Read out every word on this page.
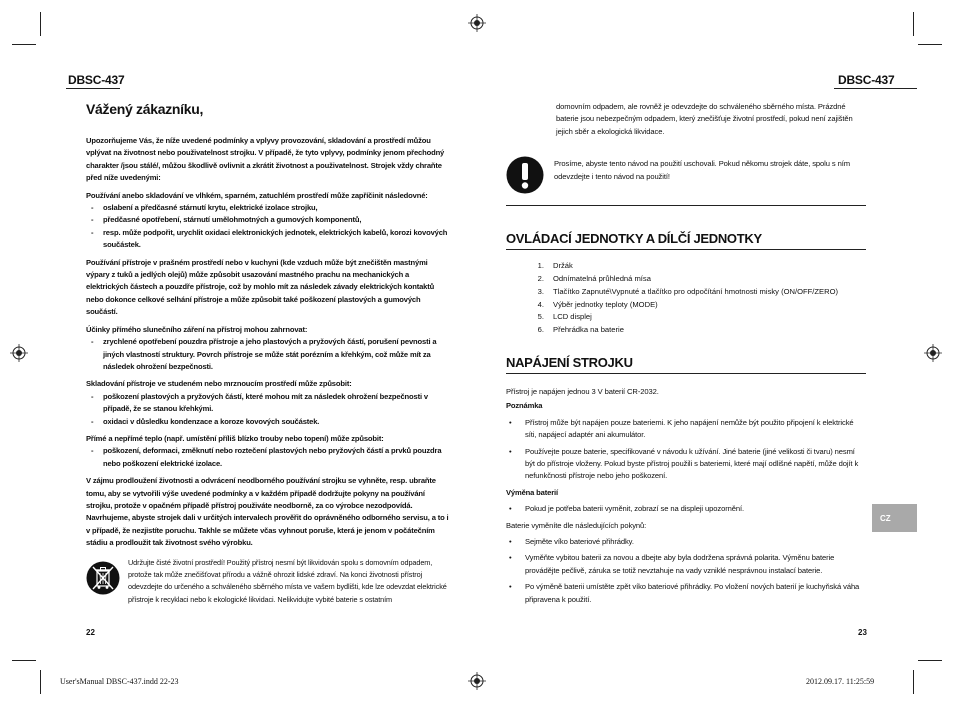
DBSC-437	DBSC-437
Vážený zákazníku,
Upozorňujeme Vás, že níže uvedené podmínky a vplyvy provozování, skladování a prostředí můžou vplývat na životnost nebo použivatelnost strojku. V případě, že tyto vplyvy, podmínky jenom přechodný charakter /jsou stálé/, můžou škodlivě ovlivnit a zkrátit životnost a použivatelnost. Strojek vždy chraňte před níže uvedenými:
Používání anebo skladování ve vlhkém, sparném, zatuchlém prostředí může zapříčinit následovné:
- oslabení a předčasné stárnutí krytu, elektrické izolace strojku,
- předčasné opotřebení, stárnutí umělohmotných a gumových komponentů,
- resp. může podpořit, urychlit oxidaci elektronických jednotek, elektrických kabelů, korozi kovových součástek.
Používání přístroje v prašném prostředí nebo v kuchyni (kde vzduch může být znečištěn mastnými výpary z tuků a jedlých olejů) může způsobit usazování mastného prachu na mechanických a elektrických částech a pouzdře přístroje, což by mohlo mít za následek závady elektrických kontaktů nebo dokonce celkové selhání přístroje a může způsobit také poškození plastových a gumových součástí.
Účinky přímého slunečního záření na přístroj mohou zahrnovat:
- zrychlené opotřebení pouzdra přístroje a jeho plastových a pryžových částí, porušení pevnosti a jiných vlastností struktury. Povrch přístroje se může stát porézním a křehkým, což může mít za následek ohrožení bezpečnosti.
Skladování přístroje ve studeném nebo mrznoucím prostředí může způsobit:
- poškození plastových a pryžových částí, které mohou mít za následek ohrožení bezpečnosti v případě, že se stanou křehkými.
- oxidaci v důsledku kondenzace a koroze kovových součástek.
Přímé a nepřímé teplo (např. umístění příliš blízko trouby nebo topení) může způsobit:
- poškození, deformaci, změknutí nebo roztečení plastových nebo pryžových částí a prvků pouzdra nebo poškození elektrické izolace.
V zájmu prodloužení životnosti a odvrácení neodborného používání strojku se vyhněte, resp. ubraňte tomu, aby se vytvořili výše uvedené podmínky a v každém případě dodržujte pokyny na používání strojku, protože v opačném případě přístroj použiváte neodborně, za co výrobce nezodpovídá. Navrhujeme, abyste strojek dali v určitých intervalech prověřit do oprávněného odborného servisu, a to i v případě, že nezjistíte poruchu. Takhle se můžete včas vyhnout poruše, která je jenom v počátečním stádiu a prodloužit tak životnost svého výrobku.
Udržujte čisté životní prostředí! Použitý přístroj nesmí být likvidován spolu s domovním odpadem, protože tak může znečišťovat přírodu a vážně ohrozit lidské zdraví. Na konci životnosti přístroj odevzdejte do určeného a schváleného sběrného místa ve vašem bydlišti, kde lze odevzdat elektrické přístroje k recyklaci nebo k ekologické likvidaci. Nelikvidujte vybité baterie s ostatním
22
domovním odpadem, ale rovněž je odevzdejte do schváleného sběrného místa. Prázdné baterie jsou nebezpečným odpadem, který znečišťuje životní prostředí, pokud není zajištěn jejich sběr a ekologická likvidace.
Prosíme, abyste tento návod na použití uschovali. Pokud někomu strojek dáte, spolu s ním odevzdejte i tento návod na použití!
OVLÁDACÍ JEDNOTKY A DÍLČÍ JEDNOTKY
1.	Držák
2.	Odnímatelná průhledná mísa
3.	Tlačítko Zapnuté\Vypnuté a tlačítko pro odpočítání hmotnosti misky (ON/OFF/ZERO)
4.	Výběr jednotky teploty (MODE)
5.	LCD displej
6.	Přehrádka na baterie
NAPÁJENÍ STROJKU
Přístroj je napájen jednou 3 V baterií CR-2032.
Poznámka
• Přístroj může být napájen pouze bateriemi. K jeho napájení nemůže být použito připojení k elektrické síti, napájecí adaptér ani akumulátor.
• Používejte pouze baterie, specifikované v návodu k užívání. Jiné baterie (jiné velikosti či tvaru) nesmí být do přístroje vloženy. Pokud byste přístroj použili s bateriemi, které mají odlišné napětí, může dojít k nefunkčnosti přístroje nebo jeho poškození.
Výměna baterií
• Pokud je potřeba baterii vyměnit, zobrazí se na displeji upozornění.
Baterie vyměníte dle následujících pokynů:
• Sejměte víko bateriové přihrádky.
• Vyměňte vybitou baterii za novou a dbejte aby byla dodržena správná polarita. Výměnu baterie provádějte pečlivě, záruka se totiž nevztahuje na vady vzniklé nesprávnou instalací baterie.
• Po výměně baterii umístěte zpět víko bateriové přihrádky. Po vložení nových baterií je kuchyňská váha připravena k použití.
CZ
23
User'sManual DBSC-437.indd 22-23	2012.09.17. 11:25:59
